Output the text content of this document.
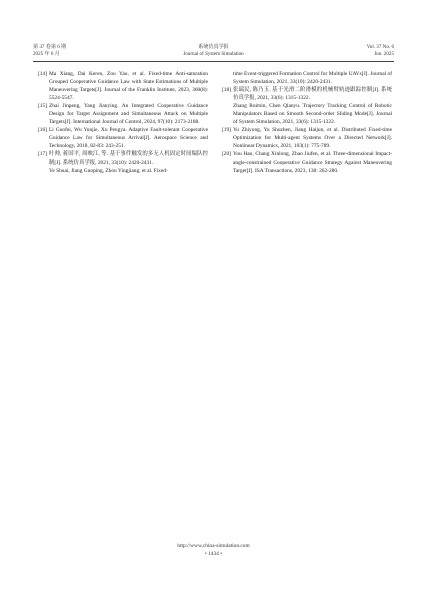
第 37 卷第 6 期
2025 年 6 月
系统仿真学报
Journal of System Simulation
Vol. 37 No. 6
Jun. 2025
[14] Ma Xiang, Dai Keren, Zou Yao, et al. Fixed-time Anti-saturation Grouped Cooperative Guidance Law with State Estimations of Multiple Maneuvering Targets[J]. Journal of the Franklin Institute, 2023, 360(8): 5524-5547.
[15] Zhai Jinpeng, Yang Jianying. An Integrated Cooperative Guidance Design for Target Assignment and Simultaneous Attack on Multiple Targets[J]. International Journal of Control, 2024, 97(10): 2173-2188.
[16] Li Guofei, Wu Yunjie, Xu Pengya. Adaptive Fault-tolerant Cooperative Guidance Law for Simultaneous Arrival[J]. Aerospace Science and Technology, 2018, 82-83: 243-251.
[17] 叶帅, 蒋国平, 周映江, 等. 基于事件触发的多无人机固定时间编队控制[J]. 系统仿真学报, 2021, 33(10): 2420-2431.
Ye Shuai, Jiang Guoping, Zhou Yingjiang, et al. Fixed-
time Event-triggered Formation Control for Multiple UAVs[J]. Journal of System Simulation, 2021, 33(10): 2420-2431.
[18] 张瑞民, 陈乃玉. 基于光滑二阶滑模的机械臂轨迹跟踪控制[J]. 系统仿真学报, 2021, 33(6): 1315-1322.
Zhang Ruimin, Chen Qianyu. Trajectory Tracking Control of Robotic Manipulators Based on Smooth Second-order Sliding Mode[J]. Journal of System Simulation, 2021, 33(6): 1315-1322.
[19] Yu Zhiyong, Yu Shuzhen, Jiang Haijun, et al. Distributed Fixed-time Optimization for Multi-agent Systems Over a Directed Network[J]. Nonlinear Dynamics, 2021, 103(1): 775-789.
[20] You Hao, Chang Xinlong, Zhao Jiufen, et al. Three-dimensional Impact-angle-constrained Cooperative Guidance Strategy Against Maneuvering Target[J]. ISA Transactions, 2023, 138: 262-280.
http://www.china-simulation.com
• 1434 •
